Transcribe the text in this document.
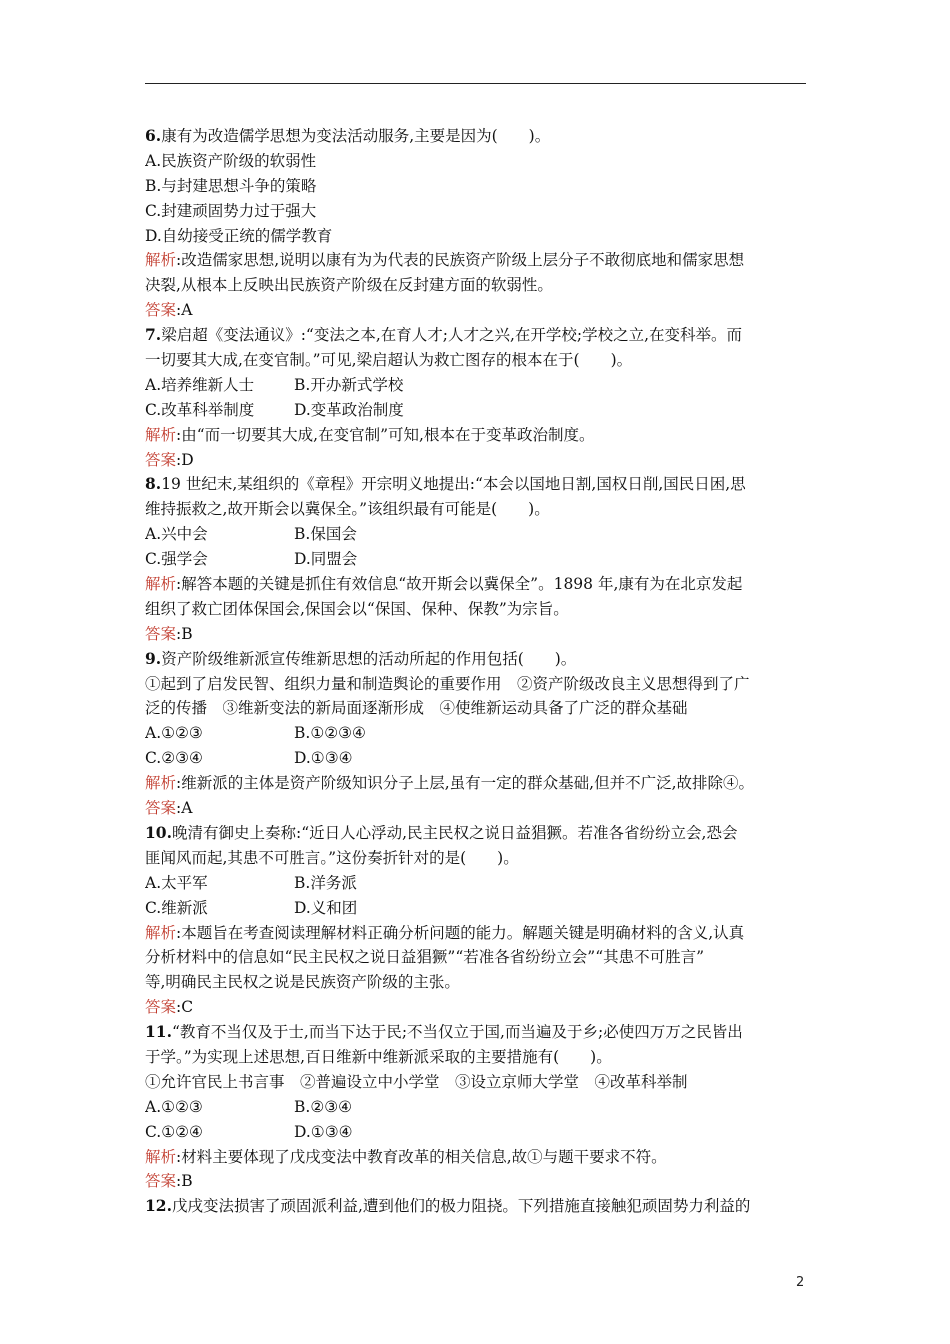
6.康有为改造儒学思想为变法活动服务,主要是因为(　　)。
A.民族资产阶级的软弱性
B.与封建思想斗争的策略
C.封建顽固势力过于强大
D.自幼接受正统的儒学教育
解析:改造儒家思想,说明以康有为为代表的民族资产阶级上层分子不敢彻底地和儒家思想
决裂,从根本上反映出民族资产阶级在反封建方面的软弱性。
答案:A
7.梁启超《变法通议》:“变法之本,在育人才;人才之兴,在开学校;学校之立,在变科举。而
一切要其大成,在变官制。”可见,梁启超认为救亡图存的根本在于(　　)。
A.培养维新人士	B.开办新式学校
C.改革科举制度	D.变革政治制度
解析:由“而一切要其大成,在变官制”可知,根本在于变革政治制度。
答案:D
8.19 世纪末,某组织的《章程》开宗明义地提出:“本会以国地日割,国权日削,国民日困,思
维持振救之,故开斯会以冀保全。”该组织最有可能是(　　)。
A.兴中会	B.保国会
C.强学会	D.同盟会
解析:解答本题的关键是抓住有效信息“故开斯会以冀保全”。1898 年,康有为在北京发起
组织了救亡团体保国会,保国会以“保国、保种、保教”为宗旨。
答案:B
9.资产阶级维新派宣传维新思想的活动所起的作用包括(　　)。
①起到了启发民智、组织力量和制造舆论的重要作用　②资产阶级改良主义思想得到了广
泛的传播　③维新变法的新局面逐渐形成　④使维新运动具备了广泛的群众基础
A.①②③	B.①②③④
C.②③④	D.①③④
解析:维新派的主体是资产阶级知识分子上层,虽有一定的群众基础,但并不广泛,故排除④。
答案:A
10.晚清有御史上奏称:“近日人心浮动,民主民权之说日益猖獗。若准各省纷纷立会,恐会
匪闻风而起,其患不可胜言。”这份奏折针对的是(　　)。
A.太平军	B.洋务派
C.维新派	D.义和团
解析:本题旨在考查阅读理解材料正确分析问题的能力。解题关键是明确材料的含义,认真
分析材料中的信息如“民主民权之说日益猖獗”“若准各省纷纷立会”“其患不可胜言”
等,明确民主民权之说是民族资产阶级的主张。
答案:C
11.“教育不当仅及于士,而当下达于民;不当仅立于国,而当遍及于乡;必使四万万之民皆出
于学。”为实现上述思想,百日维新中维新派采取的主要措施有(　　)。
①允许官民上书言事　②普遍设立中小学堂　③设立京师大学堂　④改革科举制
A.①②③	B.②③④
C.①②④	D.①③④
解析:材料主要体现了戊戌变法中教育改革的相关信息,故①与题干要求不符。
答案:B
12.戊戌变法损害了顽固派利益,遭到他们的极力阻挠。下列措施直接触犯顽固势力利益的
2
